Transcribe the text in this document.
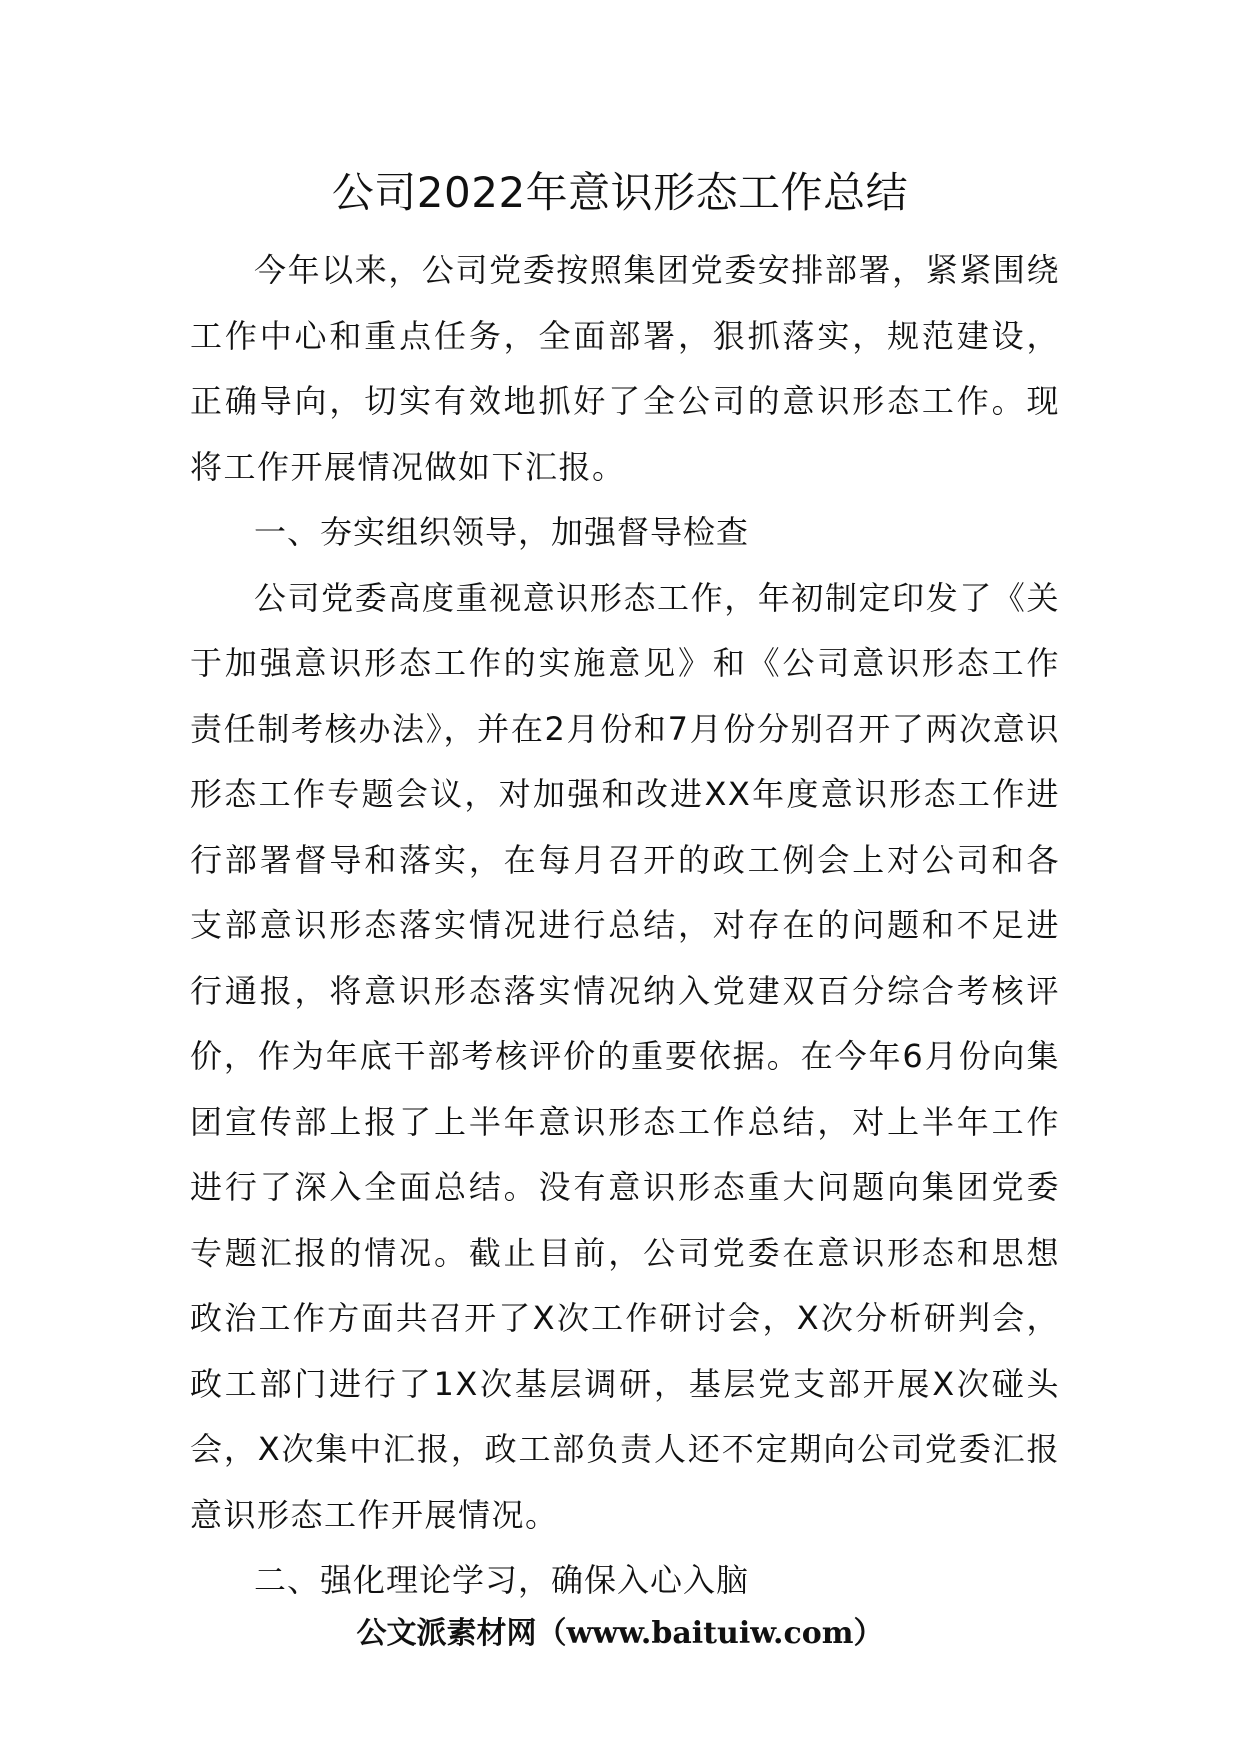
公司2022年意识形态工作总结

今年以来，公司党委按照集团党委安排部署，紧紧围绕工作中心和重点任务，全面部署，狠抓落实，规范建设，正确导向，切实有效地抓好了全公司的意识形态工作。现将工作开展情况做如下汇报。

一、夯实组织领导，加强督导检查

公司党委高度重视意识形态工作，年初制定印发了《关于加强意识形态工作的实施意见》和《公司意识形态工作责任制考核办法》，并在2月份和7月份分别召开了两次意识形态工作专题会议，对加强和改进XX年度意识形态工作进行部署督导和落实，在每月召开的政工例会上对公司和各支部意识形态落实情况进行总结，对存在的问题和不足进行通报，将意识形态落实情况纳入党建双百分综合考核评价，作为年底干部考核评价的重要依据。在今年6月份向集团宣传部上报了上半年意识形态工作总结，对上半年工作进行了深入全面总结。没有意识形态重大问题向集团党委专题汇报的情况。截止目前，公司党委在意识形态和思想政治工作方面共召开了X次工作研讨会，X次分析研判会，政工部门进行了1X次基层调研，基层党支部开展X次碰头会，X次集中汇报，政工部负责人还不定期向公司党委汇报意识形态工作开展情况。

二、强化理论学习，确保入心入脑

公文派素材网（www.baituiw.com）
